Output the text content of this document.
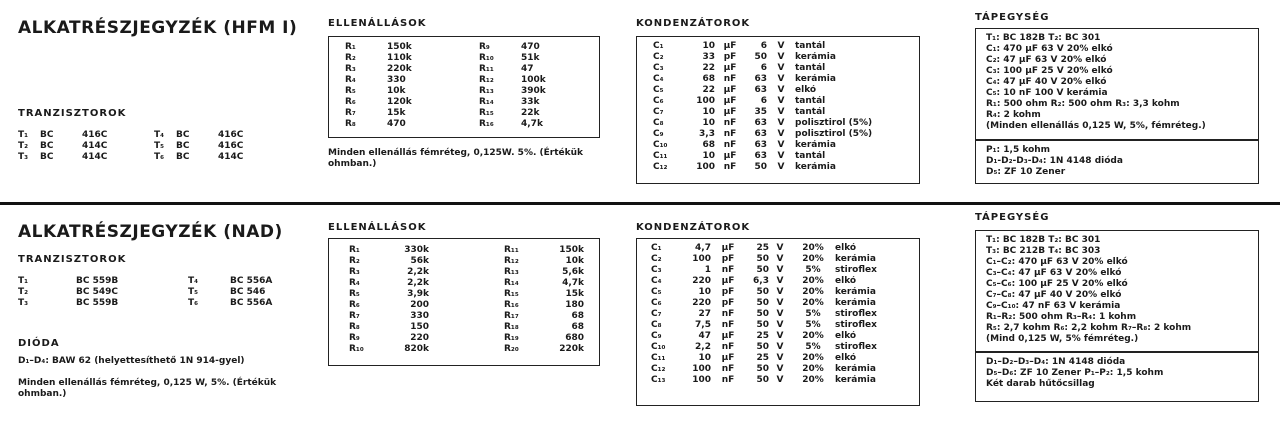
ALKATRÉSZJEGYZÉK (HFM I)
TRANZISZTOROK
T₁	BC	416C	T₄	BC	416C
T₂	BC	414C	T₅	BC	416C
T₃	BC	414C	T₆	BC	414C
ELLENÁLLÁSOK
R₁	150k
R₂	110k
R₃	220k
R₄	330
R₅	10k
R₆	120k
R₇	15k
R₈	470
R₉	470
R₁₀	51k
R₁₁	47
R₁₂	100k
R₁₃	390k
R₁₄	33k
R₁₅	22k
R₁₆	4,7k
Minden ellenállás fémréteg, 0,125W. 5%. (Értékük ohmban.)
KONDENZÁTOROK
C₁	10 µF	6	V	tantál
C₂	33 pF	50	V	kerámia
C₃	22 µF	6	V	tantál
C₄	68 nF	63	V	kerámia
C₅	22 µF	63	V	elkó
C₆	100 µF	6	V	tantál
C₇	10 µF	35	V	tantál
C₈	10 nF	63	V	polisztirol (5%)
C₉	3,3 nF	63	V	polisztirol (5%)
C₁₀	68 nF	63	V	kerámia
C₁₁	10 µF	63	V	tantál
C₁₂	100 nF	50	V	kerámia
TÁPEGYSÉG
T₁: BC 182B T₂: BC 301
C₁: 470 µF 63 V 20% elkó
C₂: 47 µF 63 V 20% elkó
C₃: 100 µF 25 V 20% elkó
C₄: 47 µF 40 V 20% elkó
C₅: 10 nF 100 V kerámia
R₁: 500 ohm R₂: 500 ohm R₃: 3,3 kohm
R₄: 2 kohm
(Minden ellenállás 0,125 W, 5%, fémréteg.)
P₁: 1,5 kohm
D₁-D₂-D₃-D₄: 1N 4148 dióda
D₅: ZF 10 Zener
ALKATRÉSZJEGYZÉK (NAD)
TRANZISZTOROK
T₁	BC 559B	T₄	BC 556A
T₂	BC 549C	T₅	BC 546
T₃	BC 559B	T₆	BC 556A
DIÓDA
D₁–D₄: BAW 62 (helyettesíthető 1N 914-gyel)
Minden ellenállás fémréteg, 0,125 W, 5%. (Értékük ohmban.)
ELLENÁLLÁSOK
R₁	330k
R₂	56k
R₃	2,2k
R₄	2,2k
R₅	3,9k
R₆	200
R₇	330
R₈	150
R₉	220
R₁₀	820k
R₁₁	150k
R₁₂	10k
R₁₃	5,6k
R₁₄	4,7k
R₁₅	15k
R₁₆	180
R₁₇	68
R₁₈	68
R₁₉	680
R₂₀	220k
KONDENZÁTOROK
C₁	4,7	µF	25 V	20%	elkó
C₂	100	pF	50 V	20%	kerámia
C₃	1	nF	50 V	5%	stiroflex
C₄	220	µF	6,3 V	20%	elkó
C₅	10	pF	50 V	20%	kerámia
C₆	220	pF	50 V	20%	kerámia
C₇	27	nF	50 V	5%	stiroflex
C₈	7,5	nF	50 V	5%	stiroflex
C₉	47	µF	25 V	20%	elkó
C₁₀	2,2	nF	50 V	5%	stiroflex
C₁₁	10	µF	25 V	20%	elkó
C₁₂	100	nF	50 V	20%	kerámia
C₁₃	100	nF	50 V	20%	kerámia
TÁPEGYSÉG
T₁: BC 182B T₂: BC 301
T₃: BC 212B T₄: BC 303
C₁–C₂: 470 µF 63 V 20% elkó
C₃–C₄: 47 µF 63 V 20% elkó
C₅–C₆: 100 µF 25 V 20% elkó
C₇–C₈: 47 µF 40 V 20% elkó
C₉–C₁₀: 47 nF 63 V kerámia
R₁–R₂: 500 ohm R₃–R₄: 1 kohm
R₅: 2,7 kohm R₆: 2,2 kohm R₇–R₈: 2 kohm
(Mind 0,125 W, 5% fémréteg.)
D₁–D₂–D₃–D₄: 1N 4148 dióda
D₅–D₆: ZF 10 Zener P₁–P₂: 1,5 kohm
Két darab hűtőcsillag
